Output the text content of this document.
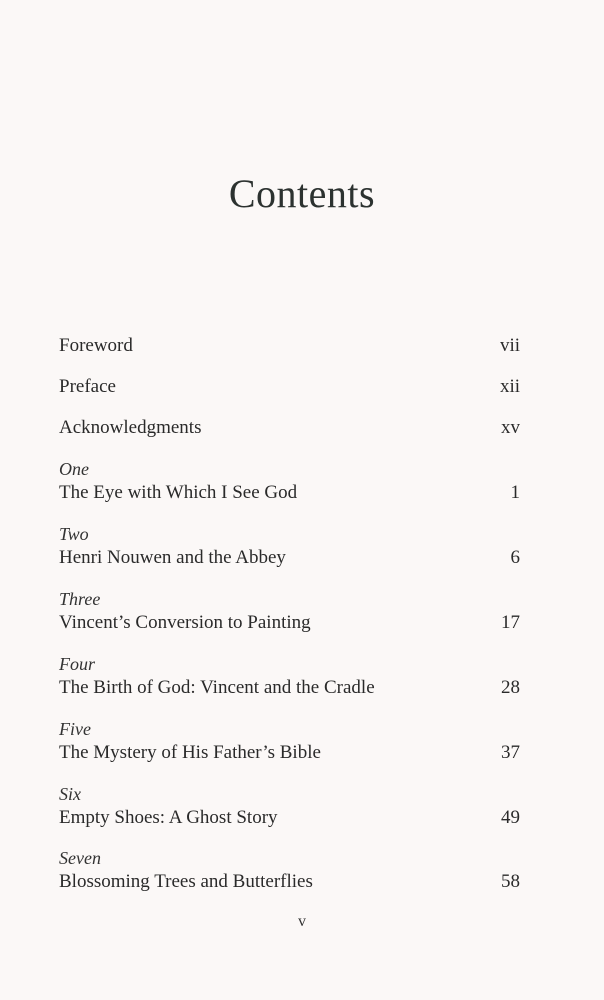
Contents
Foreword	vii
Preface	xii
Acknowledgments	xv
One
The Eye with Which I See God	1
Two
Henri Nouwen and the Abbey	6
Three
Vincent’s Conversion to Painting	17
Four
The Birth of God: Vincent and the Cradle	28
Five
The Mystery of His Father’s Bible	37
Six
Empty Shoes: A Ghost Story	49
Seven
Blossoming Trees and Butterflies	58
v
